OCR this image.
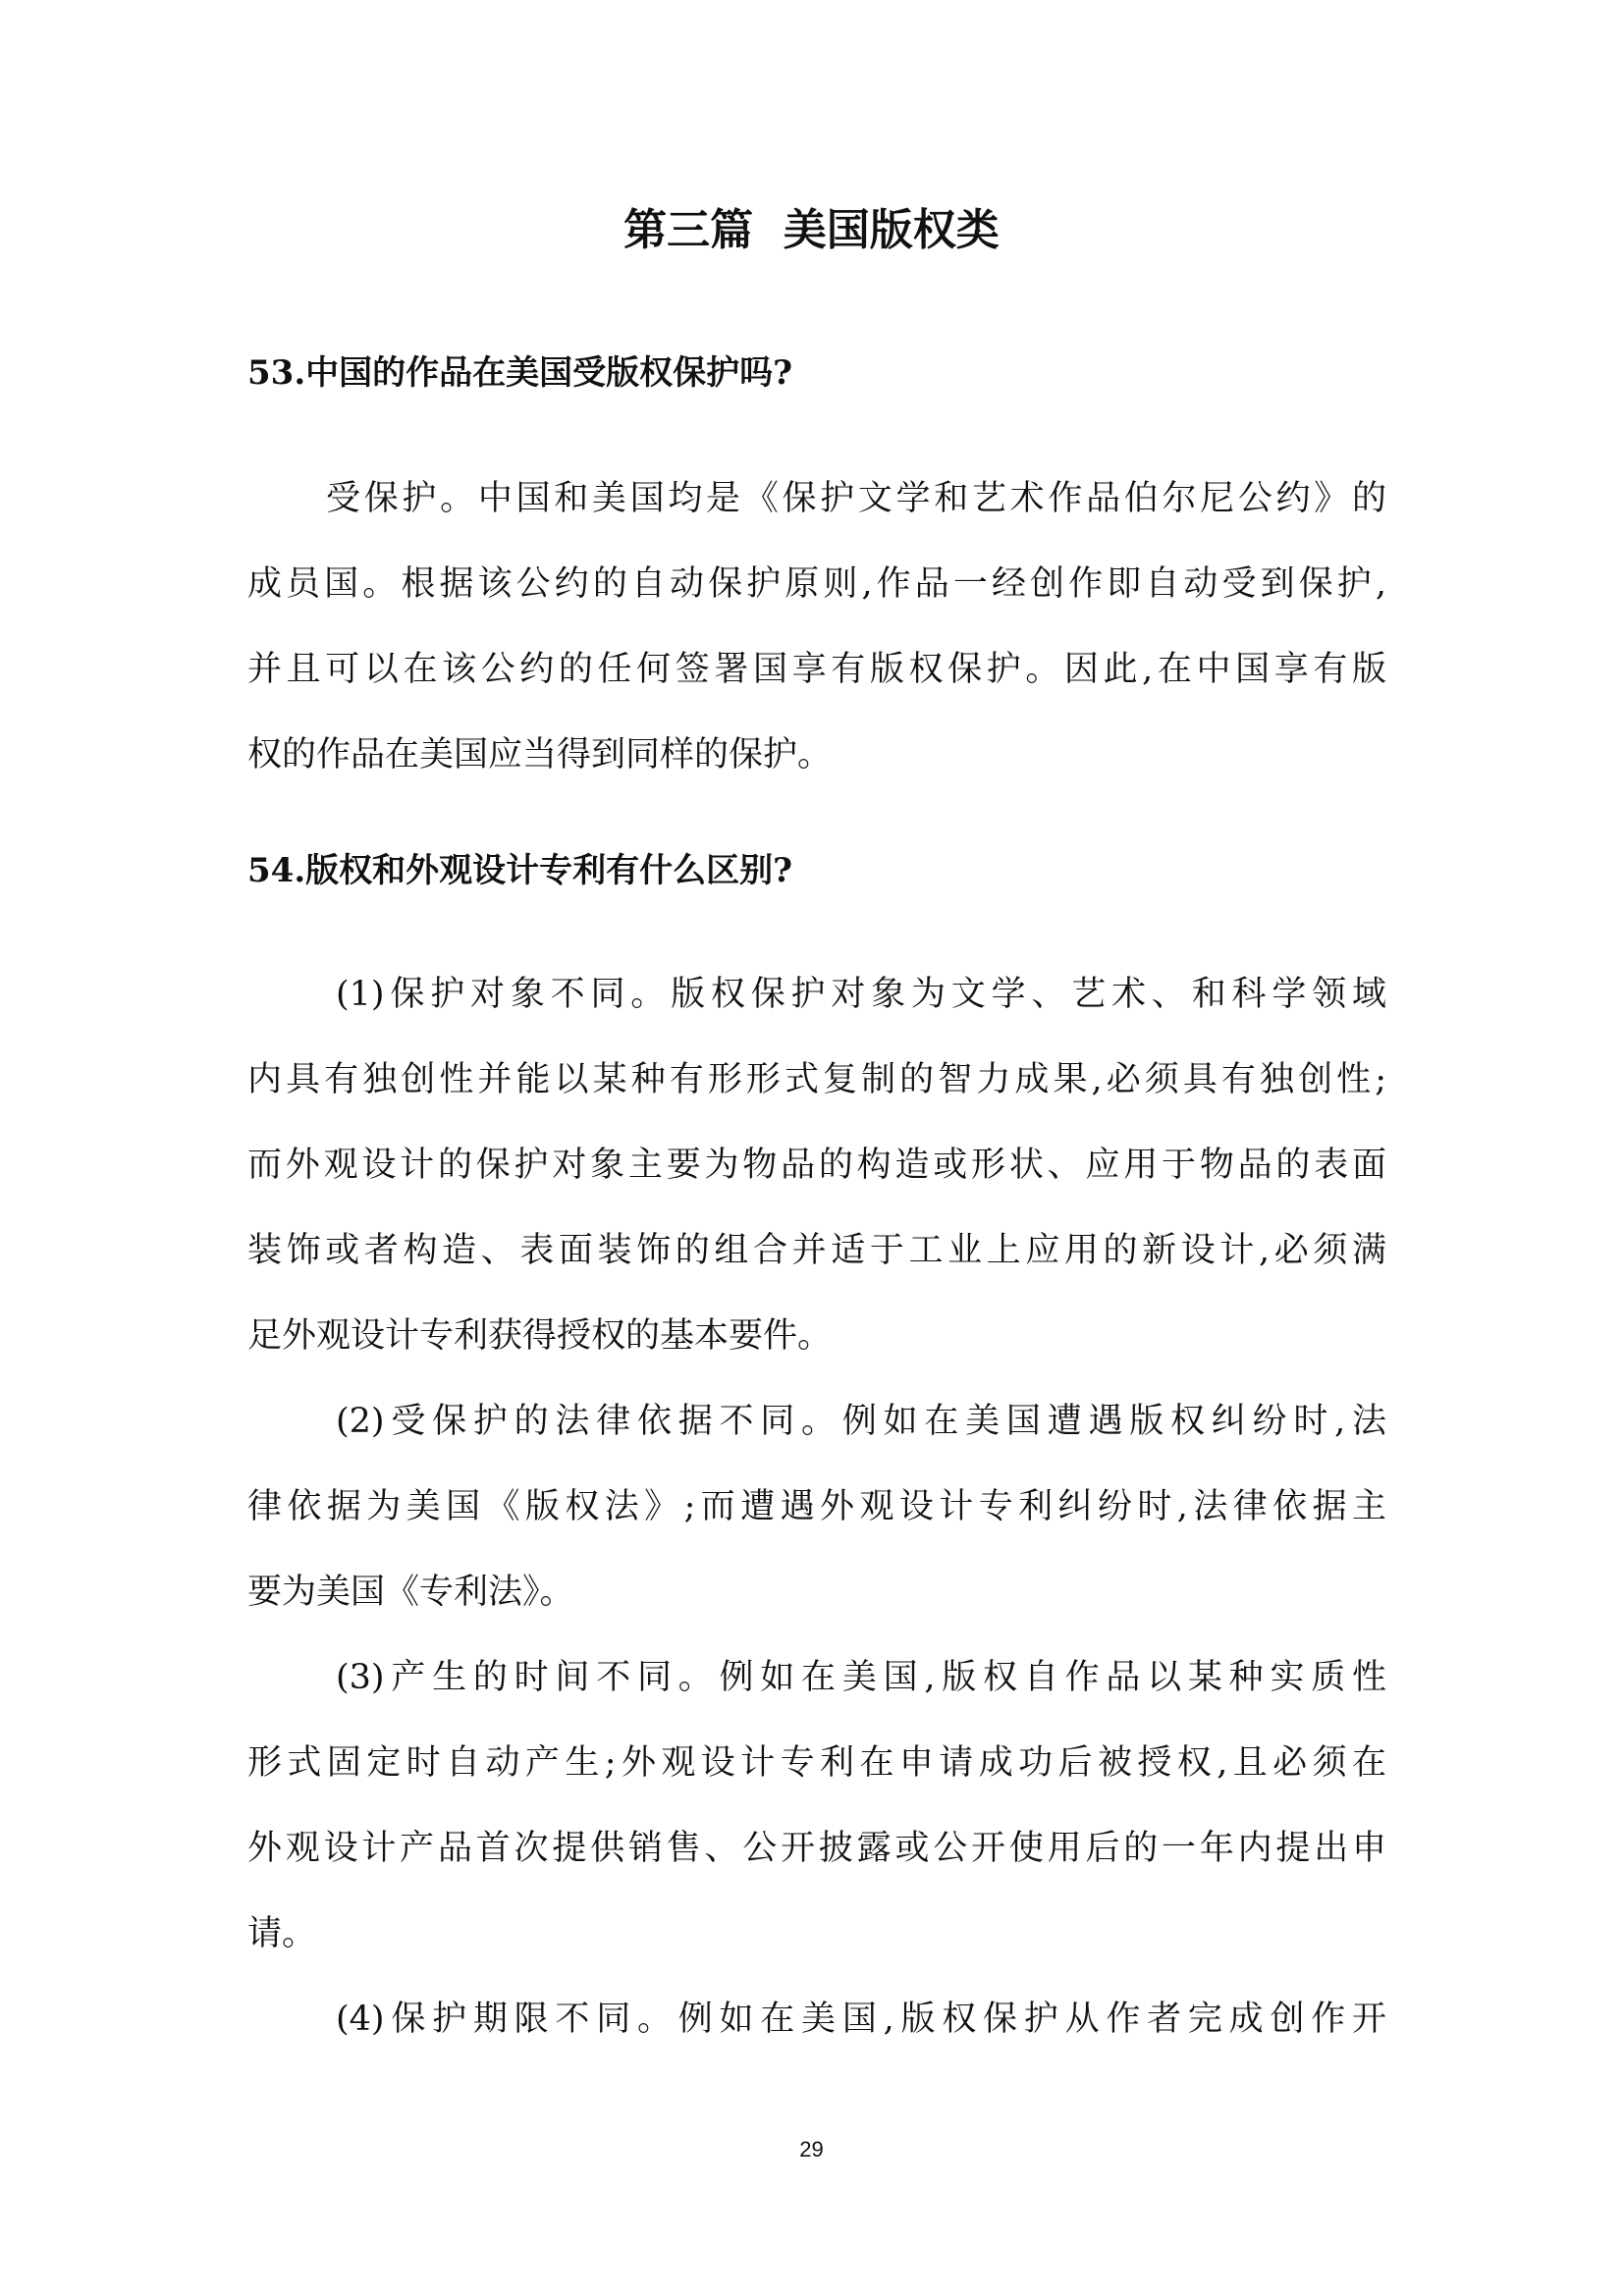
第三篇  美国版权类
53.中国的作品在美国受版权保护吗?
受保护。中国和美国均是《保护文学和艺术作品伯尔尼公约》的
成员国。根据该公约的自动保护原则,作品一经创作即自动受到保护,
并且可以在该公约的任何签署国享有版权保护。因此,在中国享有版
权的作品在美国应当得到同样的保护。
54.版权和外观设计专利有什么区别?
(1)保护对象不同。版权保护对象为文学、艺术、和科学领域
内具有独创性并能以某种有形形式复制的智力成果,必须具有独创性;
而外观设计的保护对象主要为物品的构造或形状、应用于物品的表面
装饰或者构造、表面装饰的组合并适于工业上应用的新设计,必须满
足外观设计专利获得授权的基本要件。
(2)受保护的法律依据不同。例如在美国遭遇版权纠纷时,法
律依据为美国《版权法》;而遭遇外观设计专利纠纷时,法律依据主
要为美国《专利法》。
(3)产生的时间不同。例如在美国,版权自作品以某种实质性
形式固定时自动产生;外观设计专利在申请成功后被授权,且必须在
外观设计产品首次提供销售、公开披露或公开使用后的一年内提出申
请。
(4)保护期限不同。例如在美国,版权保护从作者完成创作开
29
